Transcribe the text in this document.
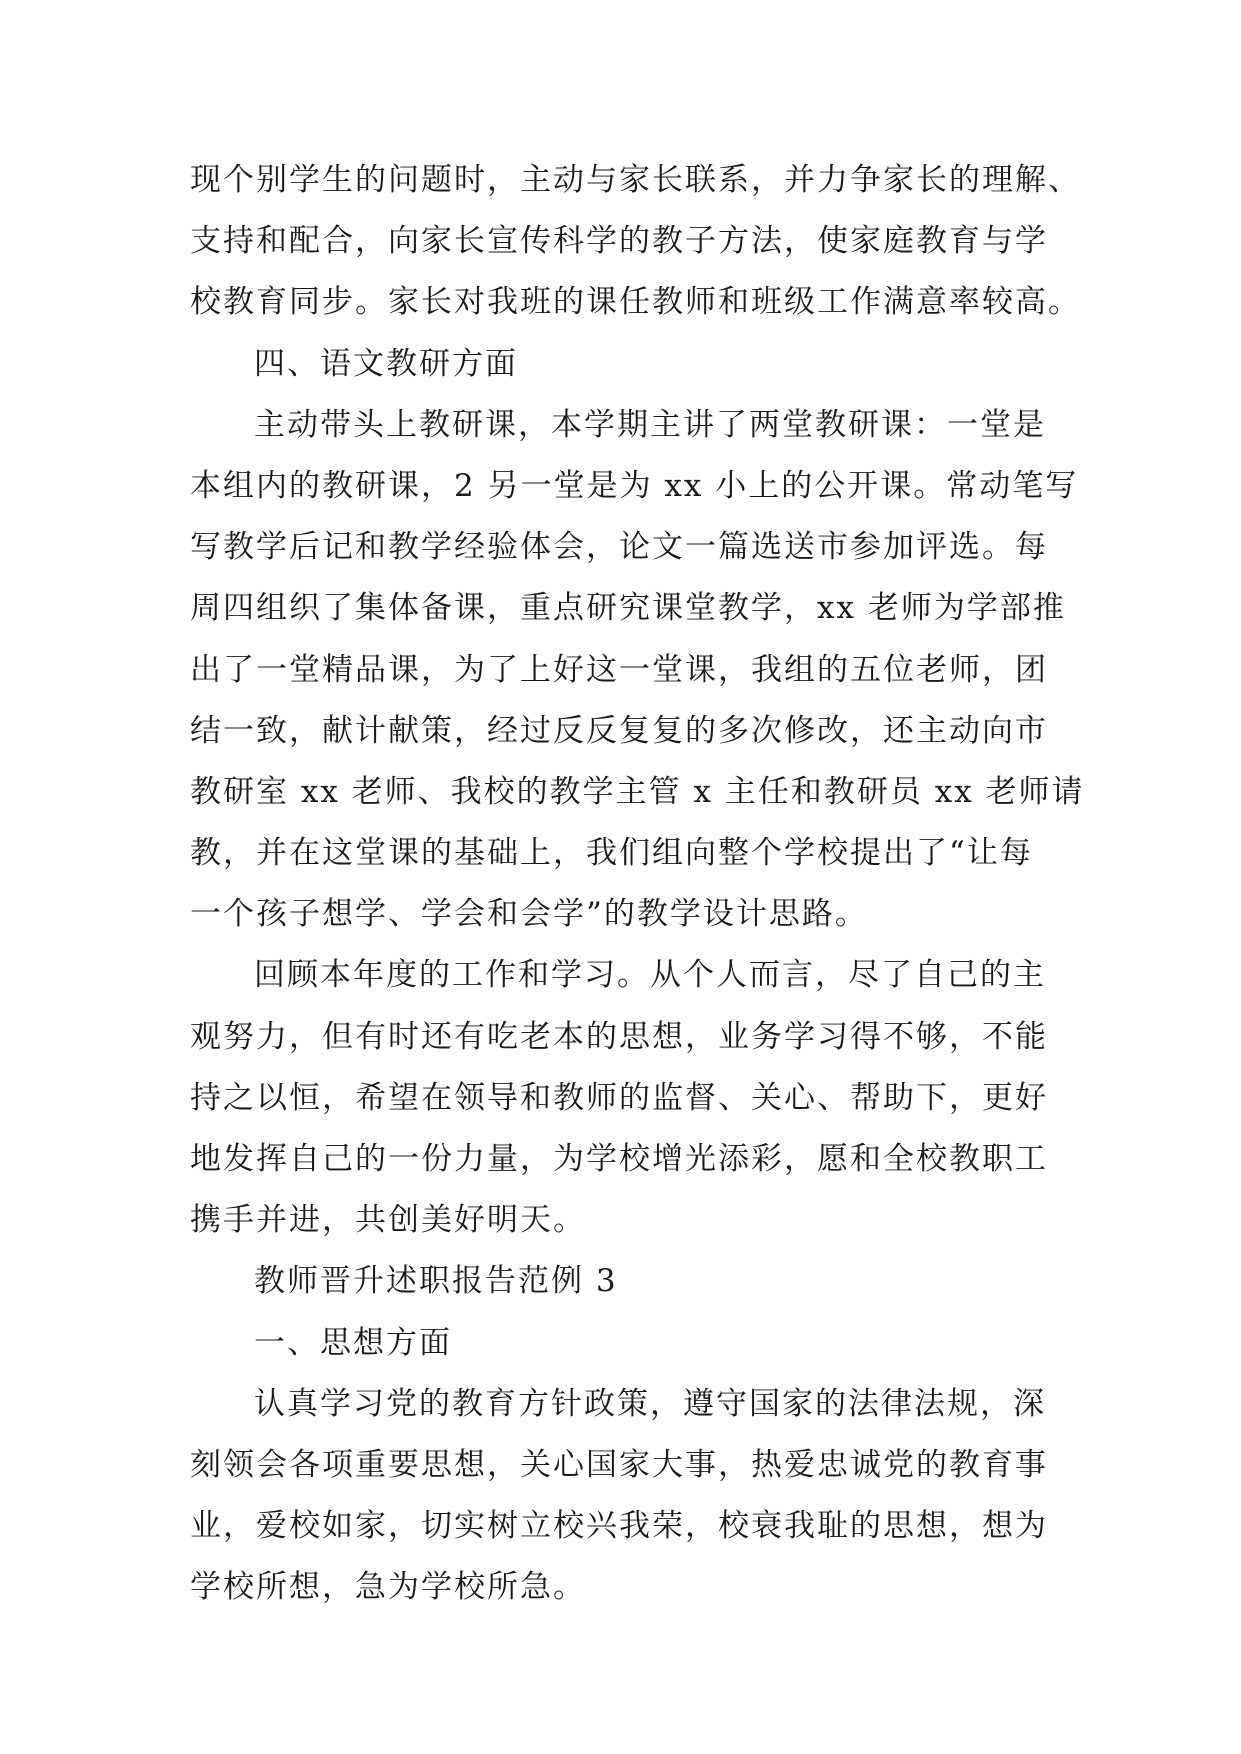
现个别学生的问题时，主动与家长联系，并力争家长的理解、
支持和配合，向家长宣传科学的教子方法，使家庭教育与学
校教育同步。家长对我班的课任教师和班级工作满意率较高。
四、语文教研方面
主动带头上教研课，本学期主讲了两堂教研课：一堂是
本组内的教研课，2 另一堂是为 xx 小上的公开课。常动笔写
写教学后记和教学经验体会，论文一篇选送市参加评选。每
周四组织了集体备课，重点研究课堂教学，xx 老师为学部推
出了一堂精品课，为了上好这一堂课，我组的五位老师，团
结一致，献计献策，经过反反复复的多次修改，还主动向市
教研室 xx 老师、我校的教学主管 x 主任和教研员 xx 老师请
教，并在这堂课的基础上，我们组向整个学校提出了“让每
一个孩子想学、学会和会学”的教学设计思路。
回顾本年度的工作和学习。从个人而言，尽了自己的主
观努力，但有时还有吃老本的思想，业务学习得不够，不能
持之以恒，希望在领导和教师的监督、关心、帮助下，更好
地发挥自己的一份力量，为学校增光添彩，愿和全校教职工
携手并进，共创美好明天。
教师晋升述职报告范例 3
一、思想方面
认真学习党的教育方针政策，遵守国家的法律法规，深
刻领会各项重要思想，关心国家大事，热爱忠诚党的教育事
业，爱校如家，切实树立校兴我荣，校衰我耻的思想，想为
学校所想，急为学校所急。
